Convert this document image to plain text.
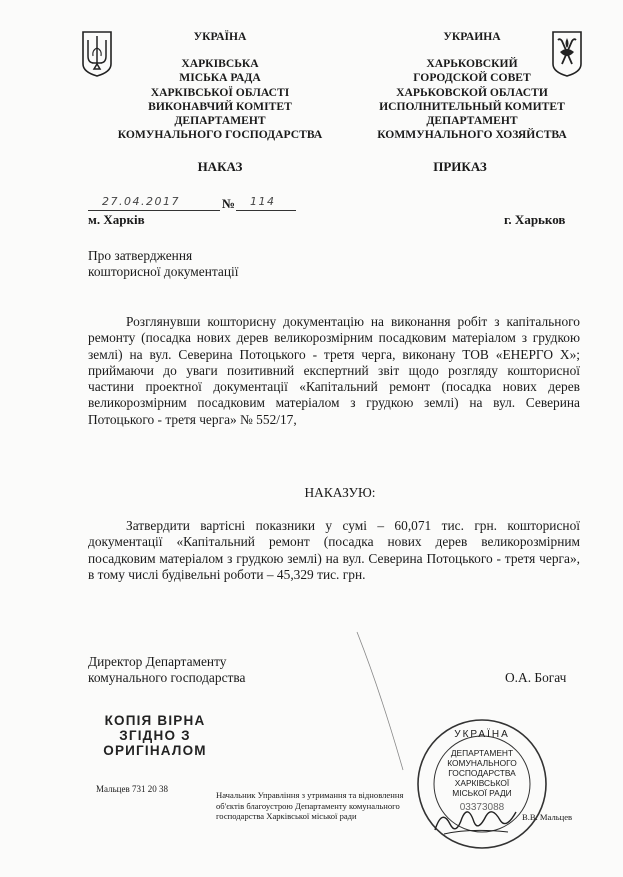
УКРАЇНА
ХАРКІВСЬКА
МІСЬКА РАДА
ХАРКІВСЬКОЇ ОБЛАСТІ
ВИКОНАВЧИЙ КОМІТЕТ
ДЕПАРТАМЕНТ
КОМУНАЛЬНОГО ГОСПОДАРСТВА
УКРАИНА
ХАРЬКОВСКИЙ
ГОРОДСКОЙ СОВЕТ
ХАРЬКОВСКОЙ ОБЛАСТИ
ИСПОЛНИТЕЛЬНЫЙ КОМИТЕТ
ДЕПАРТАМЕНТ
КОММУНАЛЬНОГО ХОЗЯЙСТВА
НАКАЗ	ПРИКАЗ
27.04.2017	№ 114
м. Харків	г. Харьков
Про затвердження
кошторисної документації
Розглянувши кошторисну документацію на виконання робіт з капітального ремонту (посадка нових дерев великорозмірним посадковим матеріалом з грудкою землі) на вул. Северина Потоцького - третя черга, виконану ТОВ «ЕНЕРГО Х»; приймаючи до уваги позитивний експертний звіт щодо розгляду кошторисної частини проектної документації «Капітальний ремонт (посадка нових дерев великорозмірним посадковим матеріалом з грудкою землі) на вул. Северина Потоцького - третя черга» № 552/17,
НАКАЗУЮ:
Затвердити вартісні показники у сумі – 60,071 тис. грн. кошторисної документації «Капітальний ремонт (посадка нових дерев великорозмірним посадковим матеріалом з грудкою землі) на вул. Северина Потоцького - третя черга», в тому числі будівельні роботи – 45,329 тис. грн.
Директор Департаменту
комунального господарства	О.А. Богач
КОПІЯ ВІРНА
ЗГІДНО З
ОРИГІНАЛОМ
Мальцев 731 20 38
Начальник Управління з утримання та відновлення
об'єктів благоустрою Департаменту комунального
господарства Харківської міської ради	В.В. Мальцев
УКРАЇНА
ДЕПАРТАМЕНТ
КОМУНАЛЬНОГО
ГОСПОДАРСТВА
ХАРКІВСЬКОЇ
МІСЬКОЇ РАДИ
03373088
